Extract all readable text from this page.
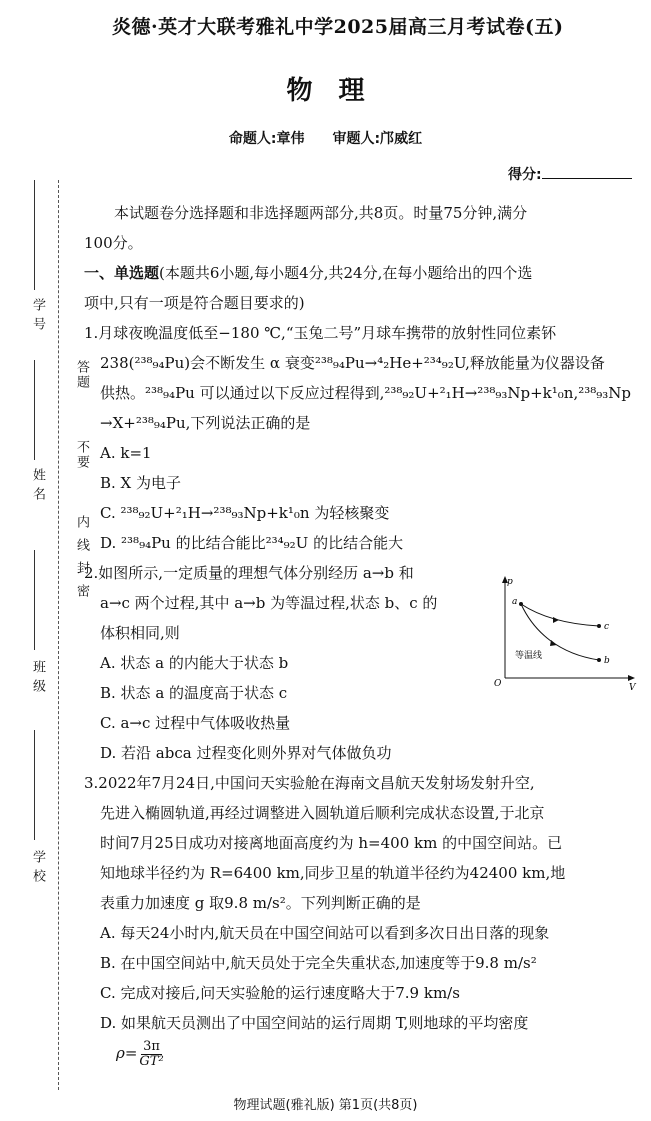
炎德·英才大联考雅礼中学2025届高三月考试卷(五)
物理
命题人:章伟 审题人:邝威红
得分:
答题
不要
内线封密
学号
姓名
班级
学校

本试题卷分选择题和非选择题两部分,共8页。时量75分钟,满分

100分。

一、单选题(本题共6小题,每小题4分,共24分,在每小题给出的四个选

项中,只有一项是符合题目要求的)

1.月球夜晚温度低至−180 ℃,“玉兔二号”月球车携带的放射性同位素钚

238(²³⁸₉₄Pu)会不断发生 α 衰变²³⁸₉₄Pu→⁴₂He+²³⁴₉₂U,释放能量为仪器设备

供热。²³⁸₉₄Pu 可以通过以下反应过程得到,²³⁸₉₂U+²₁H→²³⁸₉₃Np+k¹₀n,²³⁸₉₃Np

→X+²³⁸₉₄Pu,下列说法正确的是

A. k=1

B. X 为电子

C. ²³⁸₉₂U+²₁H→²³⁸₉₃Np+k¹₀n 为轻核聚变

D. ²³⁸₉₄Pu 的比结合能比²³⁴₉₂U 的比结合能大

2.如图所示,一定质量的理想气体分别经历 a→b 和

a→c 两个过程,其中 a→b 为等温过程,状态 b、c 的

体积相同,则

A. 状态 a 的内能大于状态 b

B. 状态 a 的温度高于状态 c

C. a→c 过程中气体吸收热量

D. 若沿 abca 过程变化则外界对气体做负功

3.2022年7月24日,中国问天实验舱在海南文昌航天发射场发射升空,

先进入椭圆轨道,再经过调整进入圆轨道后顺利完成状态设置,于北京

时间7月25日成功对接离地面高度约为 h=400 km 的中国空间站。已

知地球半径约为 R=6400 km,同步卫星的轨道半径约为42400 km,地

表重力加速度 g 取9.8 m/s²。下列判断正确的是

A. 每天24小时内,航天员在中国空间站可以看到多次日出日落的现象

B. 在中国空间站中,航天员处于完全失重状态,加速度等于9.8 m/s²

C. 完成对接后,问天实验舱的运行速度略大于7.9 km/s

D. 如果航天员测出了中国空间站的运行周期 T,则地球的平均密度

$\rho= \frac{3\pi}{\text{GT²}}$
p
V
O
a
c
b
等温线
物理试题(雅礼版) 第1页(共8页)
